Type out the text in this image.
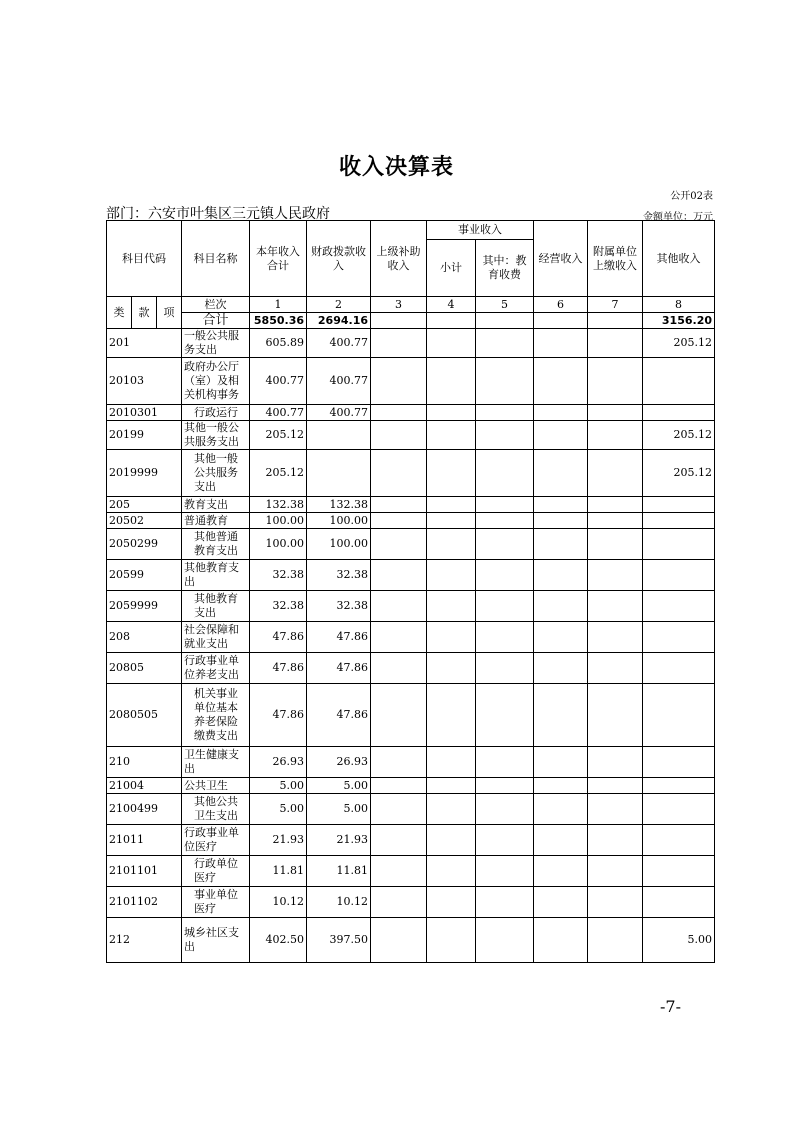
收入决算表
公开02表
部门：六安市叶集区三元镇人民政府	金额单位：万元
科目代码			科目名称	本年收入合计	财政拨款收入	上级补助收入	事业收入		经营收入	附属单位上缴收入	其他收入
							小计	其中：教育收费			
类	款	项	栏次	1	2	3	4	5	6	7	8
			合计	5850.36	2694.16						3156.20
201			一般公共服务支出	605.89	400.77						205.12
20103			政府办公厅（室）及相关机构事务	400.77	400.77						
2010301			行政运行	400.77	400.77						
20199			其他一般公共服务支出	205.12							205.12
2019999			其他一般公共服务支出	205.12							205.12
205			教育支出	132.38	132.38						
20502			普通教育	100.00	100.00						
2050299			其他普通教育支出	100.00	100.00						
20599			其他教育支出	32.38	32.38						
2059999			其他教育支出	32.38	32.38						
208			社会保障和就业支出	47.86	47.86						
20805			行政事业单位养老支出	47.86	47.86						
2080505			机关事业单位基本养老保险缴费支出	47.86	47.86						
210			卫生健康支出	26.93	26.93						
21004			公共卫生	5.00	5.00						
2100499			其他公共卫生支出	5.00	5.00						
21011			行政事业单位医疗	21.93	21.93						
2101101			行政单位医疗	11.81	11.81						
2101102			事业单位医疗	10.12	10.12						
212			城乡社区支出	402.50	397.50						5.00
-7-
